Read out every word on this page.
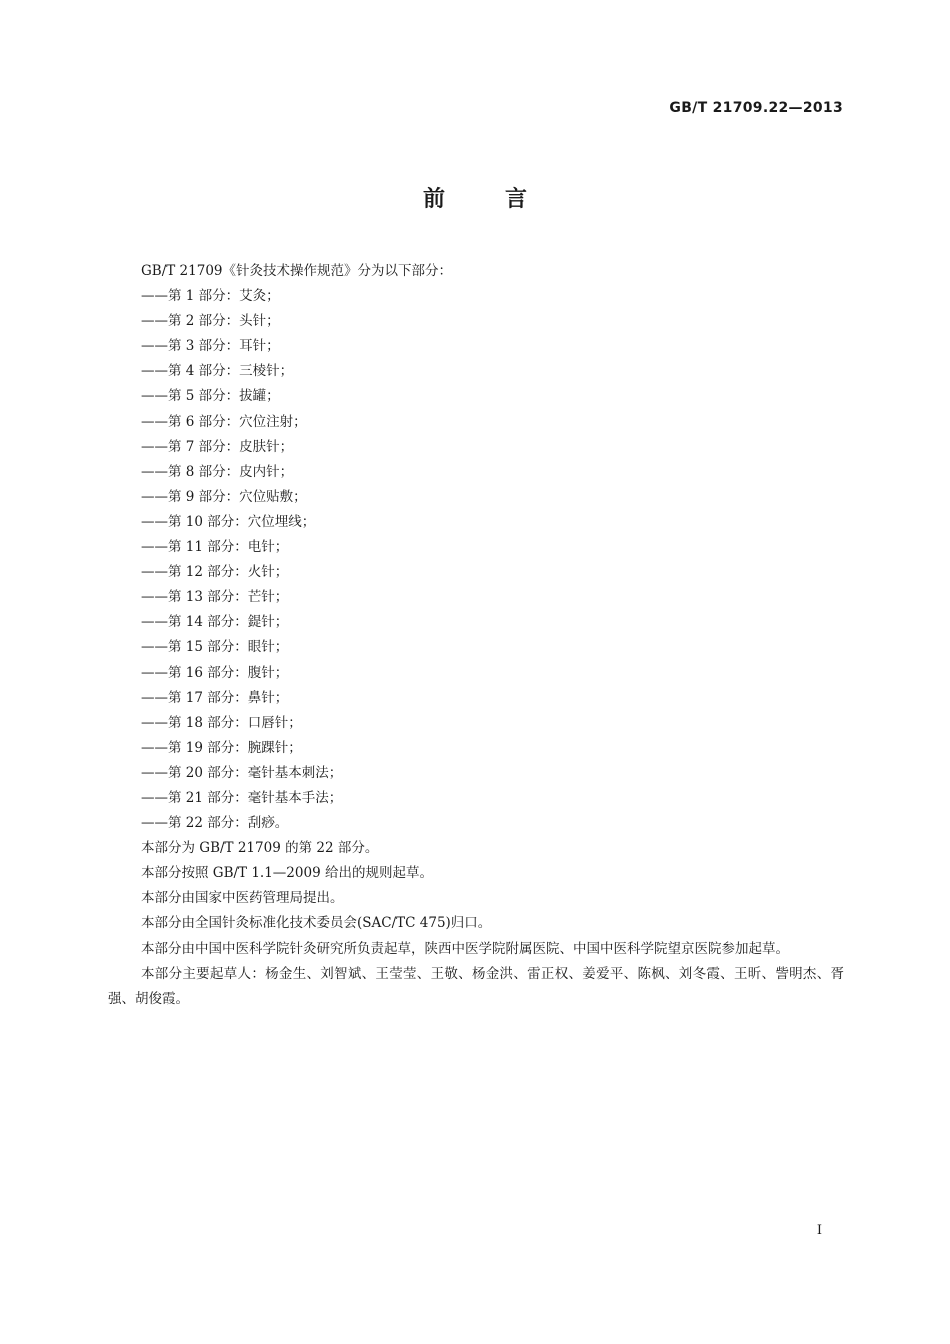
GB/T 21709.22—2013
前言

GB/T 21709《针灸技术操作规范》分为以下部分：

——第 1 部分：艾灸；

——第 2 部分：头针；

——第 3 部分：耳针；

——第 4 部分：三棱针；

——第 5 部分：拔罐；

——第 6 部分：穴位注射；

——第 7 部分：皮肤针；

——第 8 部分：皮内针；

——第 9 部分：穴位贴敷；

——第 10 部分：穴位埋线；

——第 11 部分：电针；

——第 12 部分：火针；

——第 13 部分：芒针；

——第 14 部分：鍉针；

——第 15 部分：眼针；

——第 16 部分：腹针；

——第 17 部分：鼻针；

——第 18 部分：口唇针；

——第 19 部分：腕踝针；

——第 20 部分：毫针基本刺法；

——第 21 部分：毫针基本手法；

——第 22 部分：刮痧。

本部分为 GB/T 21709 的第 22 部分。

本部分按照 GB/T 1.1—2009 给出的规则起草。

本部分由国家中医药管理局提出。

本部分由全国针灸标准化技术委员会(SAC/TC 475)归口。

本部分由中国中医科学院针灸研究所负责起草，陕西中医学院附属医院、中国中医科学院望京医院参加起草。

本部分主要起草人：杨金生、刘智斌、王莹莹、王敬、杨金洪、雷正权、姜爱平、陈枫、刘冬霞、王昕、訾明杰、胥强、胡俊霞。

I
